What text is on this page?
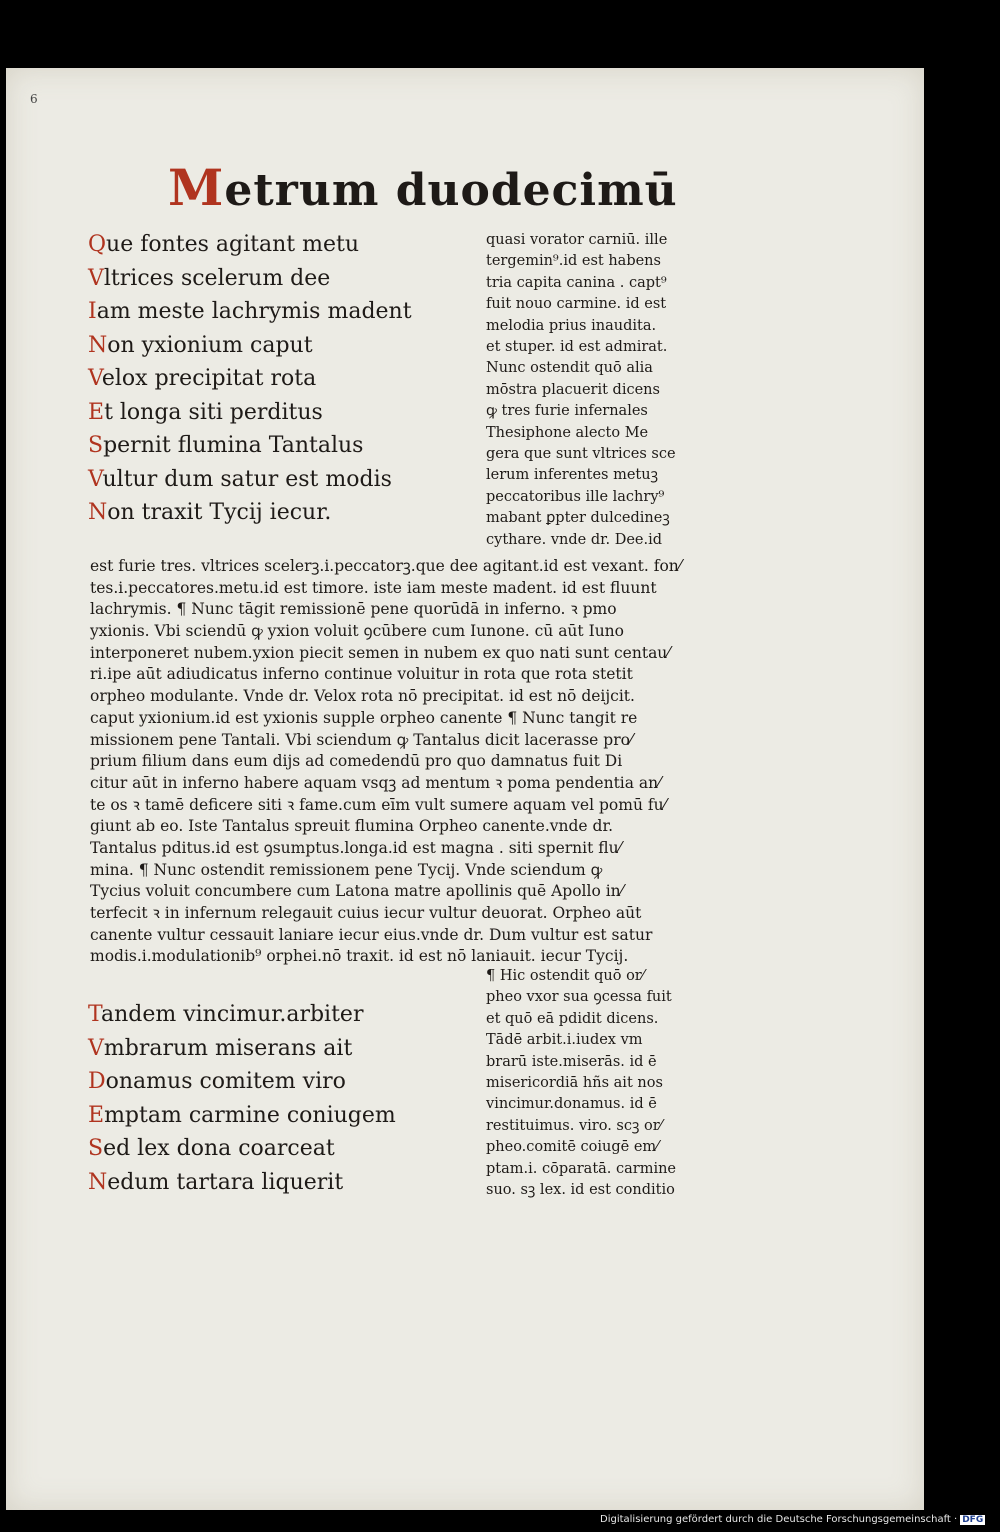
6
Metrum duodecimū
Que fontes agitant metu
Vltrices scelerum dee
Iam meste lachrymis madent
Non yxionium caput
Velox precipitat rota
Et longa siti perditus
Spernit flumina Tantalus
Vultur dum satur est modis
Non traxit Tycij iecur.
quasi vorator carniū. ille
tergemin⁹.id est habens
tria capita canina . capt⁹
fuit nouo carmine. id est
melodia prius inaudita.
et stuper. id est admirat.
Nunc ostendit quō alia
mōstra placuerit dicens
ꝙ tres furie infernales
Thesiphone alecto Me
gera que sunt vltrices sce
lerum inferentes metuꝫ
peccatoribus ille lachry⁹
mabant ꝑpter dulcedineꝫ
cythare. vnde dr. Dee.id
est furie tres. vltrices scelerꝫ.i.peccatorꝫ.que dee agitant.id est vexant. fon⁄
tes.i.peccatores.metu.id est timore. iste iam meste madent. id est fluunt
lachrymis. ¶ Nunc tāgit remissionē pene quorūdā in inferno. ꝛ pmo
yxionis. Vbi sciendū ꝙ yxion voluit ꝯcūbere cum Iunone. cū aūt Iuno
interponeret nubem.yxion piecit semen in nubem ex quo nati sunt centau⁄
ri.ipe aūt adiudicatus inferno continue voluitur in rota que rota stetit
orpheo modulante. Vnde dr. Velox rota nō precipitat. id est nō deijcit.
caput yxionium.id est yxionis supple orpheo canente ¶ Nunc tangit re
missionem pene Tantali. Vbi sciendum ꝙ Tantalus dicit lacerasse pro⁄
prium filium dans eum dijs ad comedendū pro quo damnatus fuit Di
citur aūt in inferno habere aquam vsqꝫ ad mentum ꝛ poma pendentia an⁄
te os ꝛ tamē deficere siti ꝛ fame.cum eīm vult sumere aquam vel pomū fu⁄
giunt ab eo. Iste Tantalus spreuit flumina Orpheo canente.vnde dr.
Tantalus pditus.id est ꝯsumptus.longa.id est magna . siti spernit flu⁄
mina. ¶ Nunc ostendit remissionem pene Tycij. Vnde sciendum ꝙ
Tycius voluit concumbere cum Latona matre apollinis quē Apollo in⁄
terfecit ꝛ in infernum relegauit cuius iecur vultur deuorat. Orpheo aūt
canente vultur cessauit laniare iecur eius.vnde dr. Dum vultur est satur
modis.i.modulationib⁹ orphei.nō traxit. id est nō laniauit. iecur Tycij.
Tandem vincimur.arbiter
Vmbrarum miserans ait
Donamus comitem viro
Emptam carmine coniugem
Sed lex dona coarceat
Nedum tartara liquerit
¶ Hic ostendit quō or⁄
pheo vxor sua ꝯcessa fuit
et quō eā pdidit dicens.
Tādē arbit.i.iudex vm
brarū iste.miserās. id ē
misericordiā hñs ait nos
vincimur.donamus. id ē
restituimus. viro. scꝫ or⁄
pheo.comitē coiugē em⁄
ptam.i. cōparatā. carmine
suo. sꝫ lex. id est conditio
Digitalisierung gefördert durch die Deutsche Forschungsgemeinschaft · DFG
